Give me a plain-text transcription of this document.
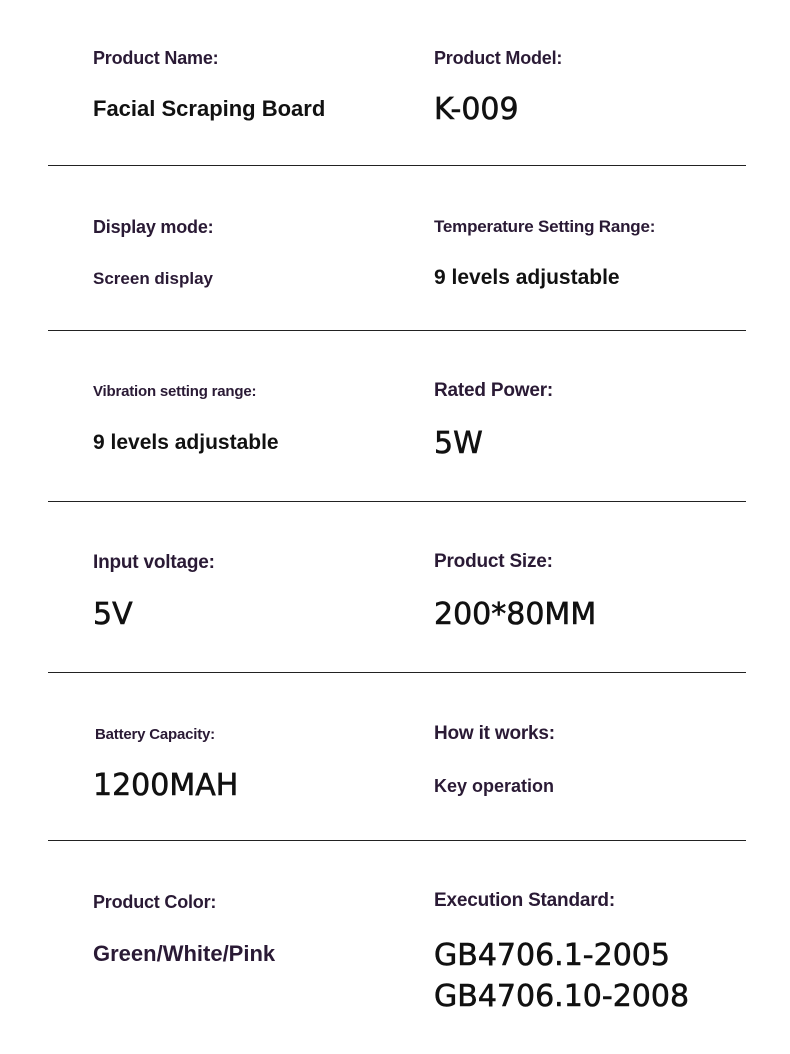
Product Name:
Facial Scraping Board
Product Model:
K-009
Display mode:
Screen display
Temperature Setting Range:
9 levels adjustable
Vibration setting range:
9 levels adjustable
Rated Power:
5W
Input voltage:
5V
Product Size:
200*80MM
Battery Capacity:
1200MAH
How it works:
Key operation
Product Color:
Green/White/Pink
Execution Standard:
GB4706.1-2005
GB4706.10-2008
